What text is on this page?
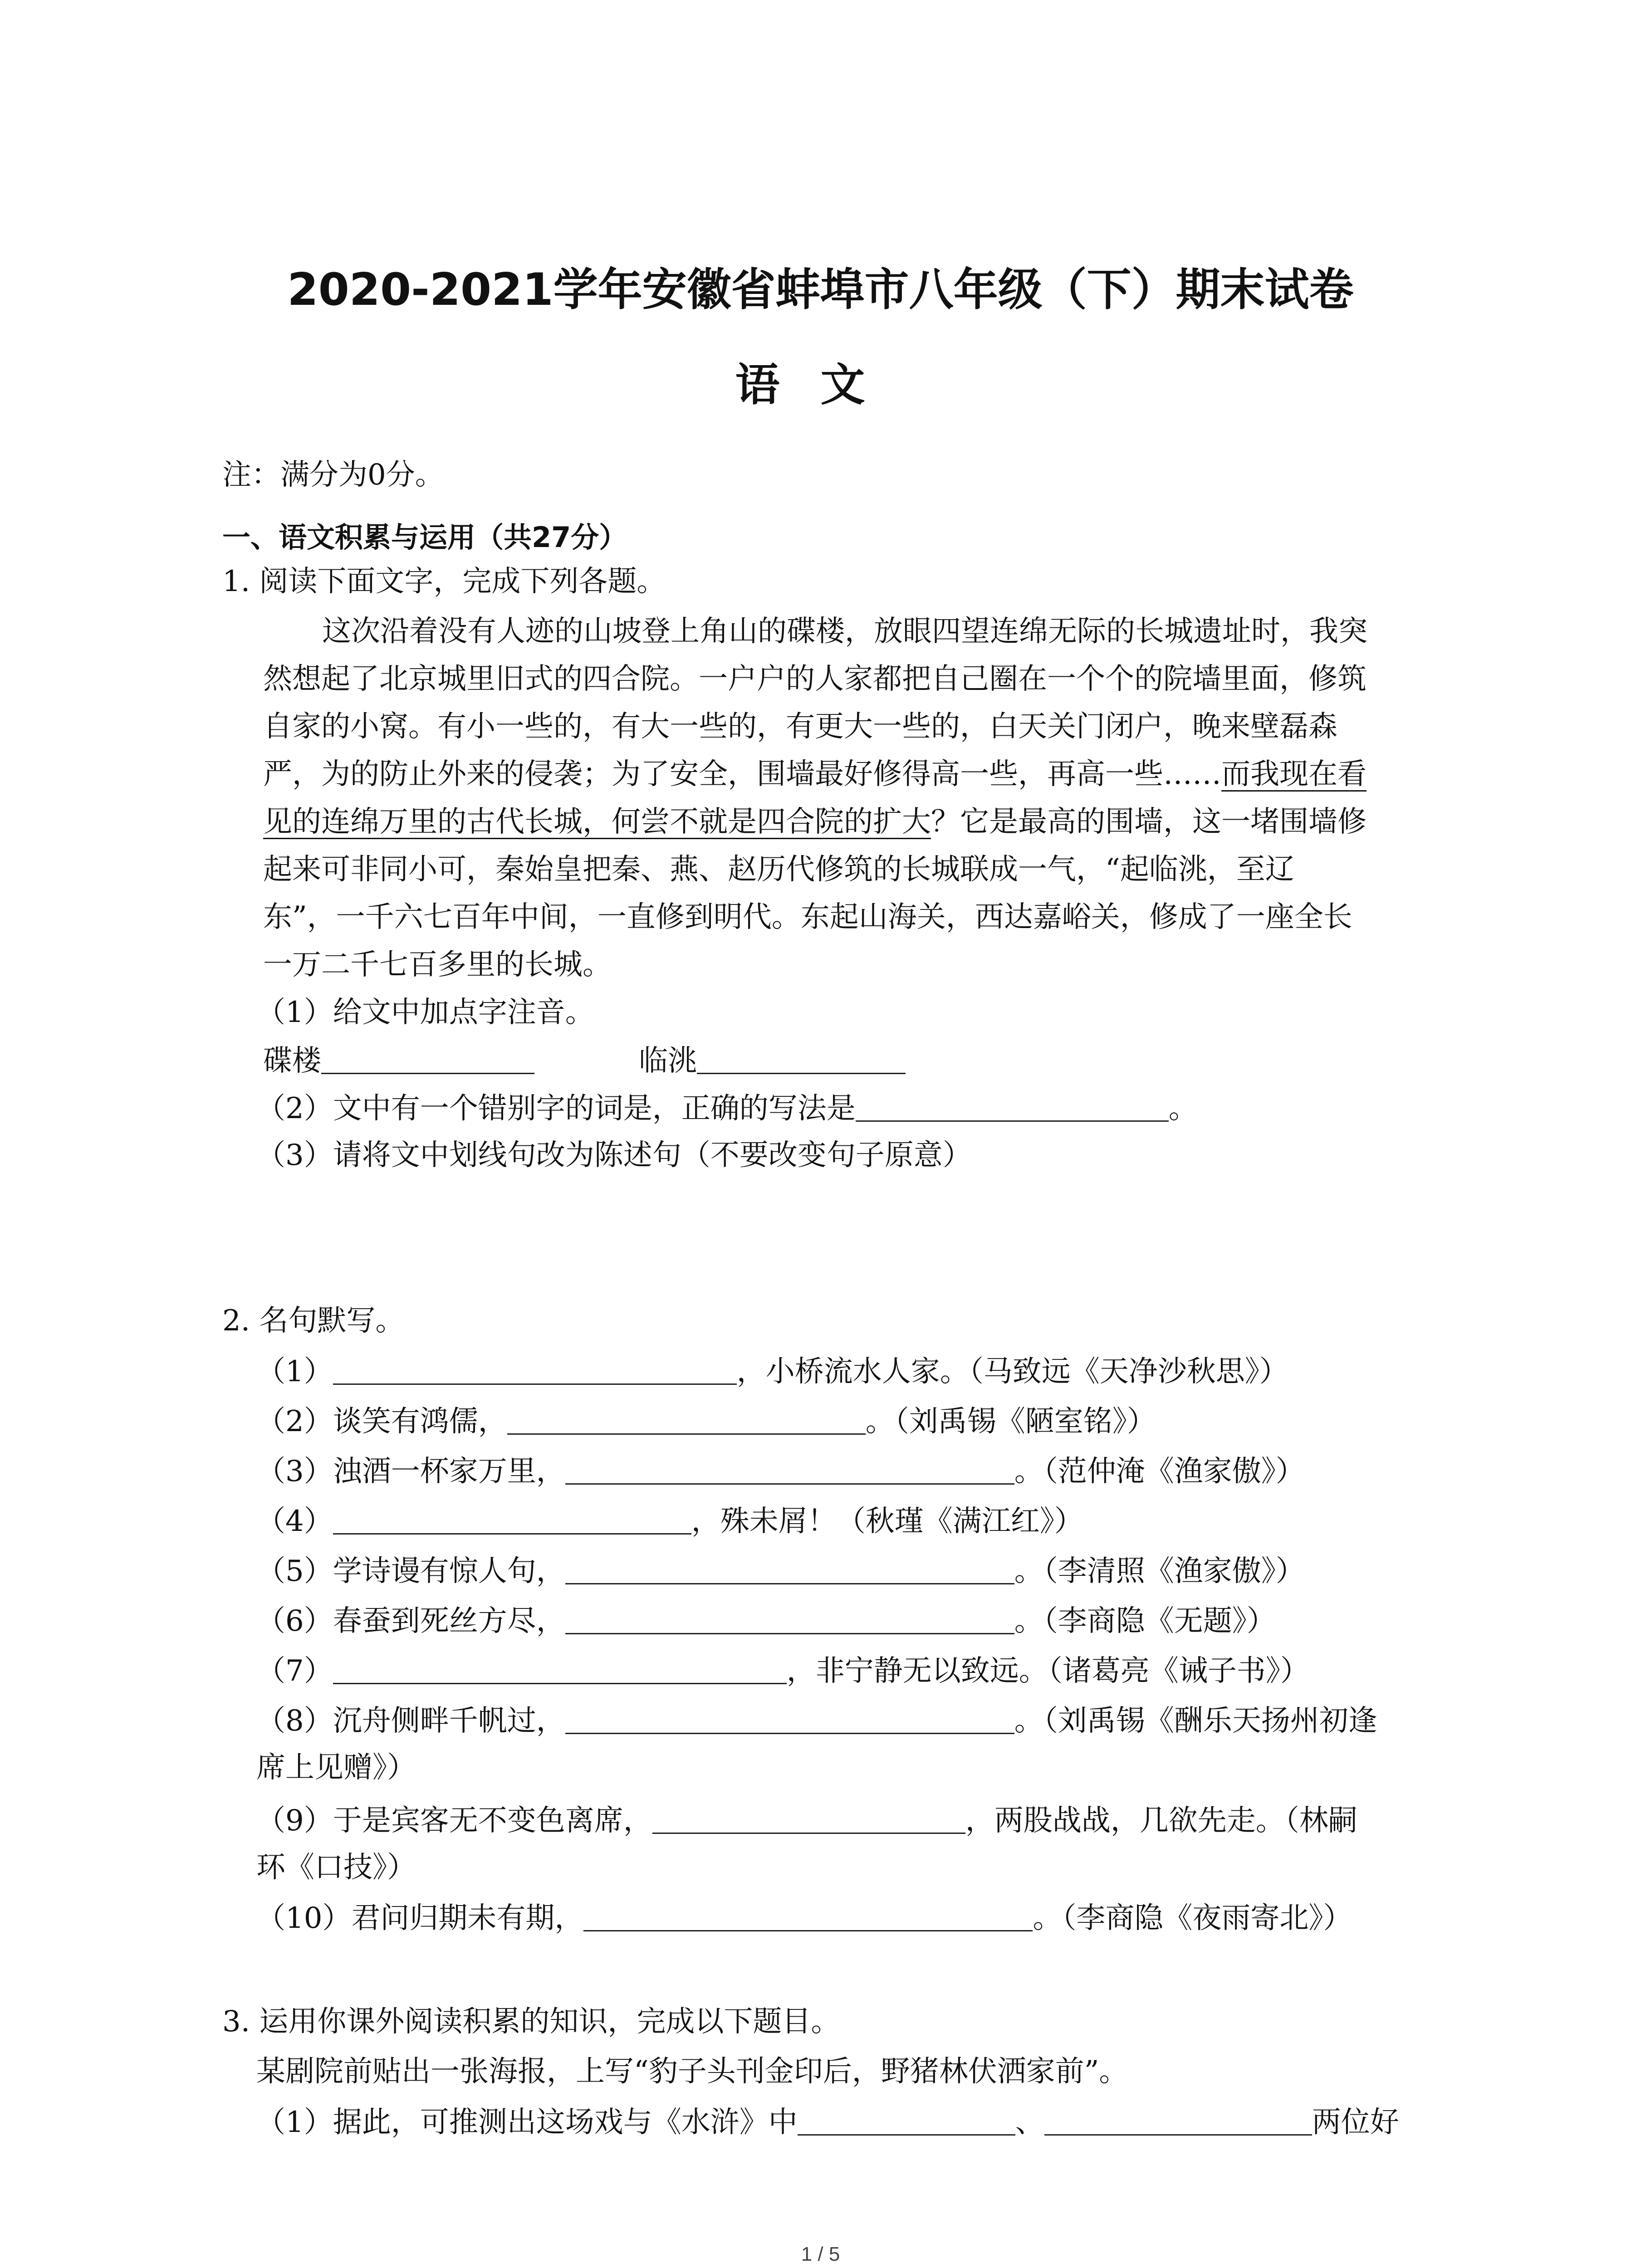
2020-2021学年安徽省蚌埠市八年级（下）期末试卷
语文
注：满分为0分。
一、语文积累与运用（共27分）
1. 阅读下面文字，完成下列各题。
这次沿着没有人迹的山坡登上角山的碟楼，放眼四望连绵无际的长城遗址时，我突
然想起了北京城里旧式的四合院。一户户的人家都把自己圈在一个个的院墙里面，修筑
自家的小窝。有小一些的，有大一些的，有更大一些的，白天关门闭户，晚来壁磊森
严，为的防止外来的侵袭；为了安全，围墙最好修得高一些，再高一些……而我现在看
见的连绵万里的古代长城，何尝不就是四合院的扩大？它是最高的围墙，这一堵围墙修
起来可非同小可，秦始皇把秦、燕、赵历代修筑的长城联成一气，“起临洮，至辽
东”，一千六七百年中间，一直修到明代。东起山海关，西达嘉峪关，修成了一座全长
一万二千七百多里的长城。
（1）给文中加点字注音。
碟楼	临洮
（2）文中有一个错别字的词是，正确的写法是	。
（3）请将文中划线句改为陈述句（不要改变句子原意）
2. 名句默写。
（1）	，小桥流水人家。（马致远《天净沙秋思》）
（2）谈笑有鸿儒，	。（刘禹锡《陋室铭》）
（3）浊酒一杯家万里，	。（范仲淹《渔家傲》）
（4）	，殊未屑！（秋瑾《满江红》）
（5）学诗谩有惊人句，	。（李清照《渔家傲》）
（6）春蚕到死丝方尽，	。（李商隐《无题》）
（7）	，非宁静无以致远。（诸葛亮《诫子书》）
（8）沉舟侧畔千帆过，	。（刘禹锡《酬乐天扬州初逢
席上见赠》）
（9）于是宾客无不变色离席，	，两股战战，几欲先走。（林嗣
环《口技》）
（10）君问归期未有期，	。（李商隐《夜雨寄北》）
3. 运用你课外阅读积累的知识，完成以下题目。
某剧院前贴出一张海报，上写“豹子头刊金印后，野猪林伏洒家前”。
（1）据此，可推测出这场戏与《水浒》中	、	两位好
1 / 5
